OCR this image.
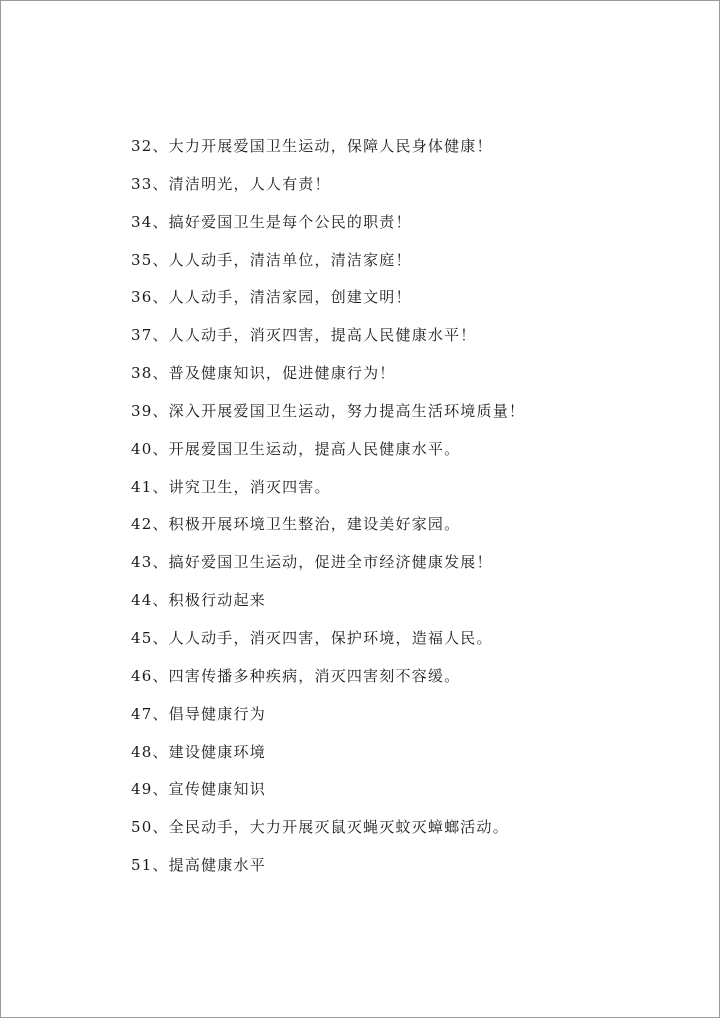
32、大力开展爱国卫生运动，保障人民身体健康！
33、清洁明光，人人有责！
34、搞好爱国卫生是每个公民的职责！
35、人人动手，清洁单位，清洁家庭！
36、人人动手，清洁家园，创建文明！
37、人人动手，消灭四害，提高人民健康水平！
38、普及健康知识，促进健康行为！
39、深入开展爱国卫生运动，努力提高生活环境质量！
40、开展爱国卫生运动，提高人民健康水平。
41、讲究卫生，消灭四害。
42、积极开展环境卫生整治，建设美好家园。
43、搞好爱国卫生运动，促进全市经济健康发展！
44、积极行动起来
45、人人动手，消灭四害，保护环境，造福人民。
46、四害传播多种疾病，消灭四害刻不容缓。
47、倡导健康行为
48、建设健康环境
49、宣传健康知识
50、全民动手，大力开展灭鼠灭蝇灭蚊灭蟑螂活动。
51、提高健康水平
